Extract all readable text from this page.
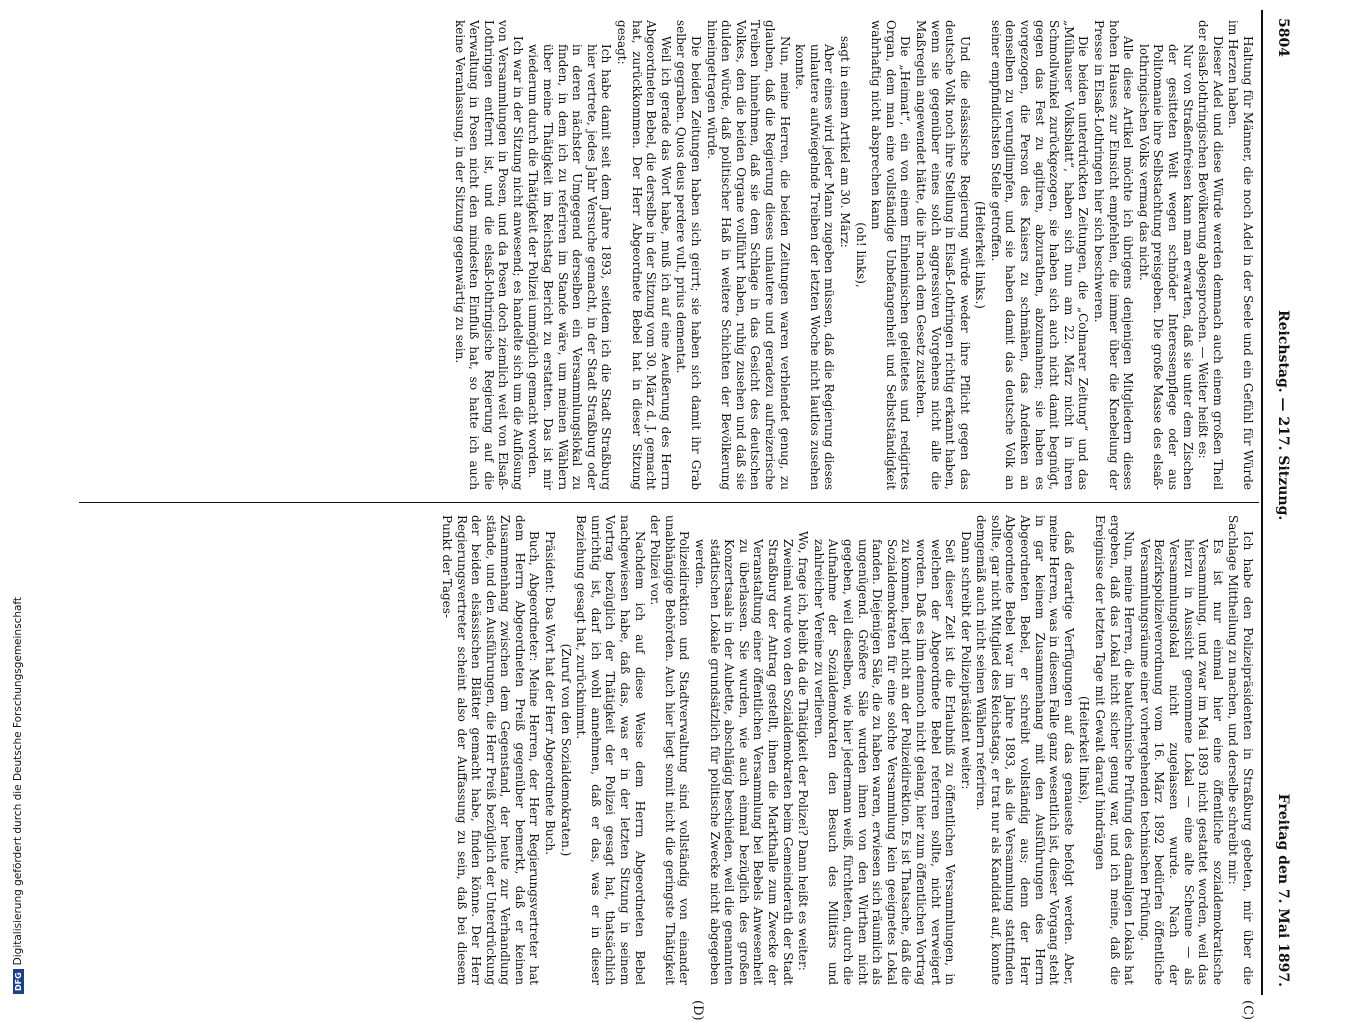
5804
Reichstag. — 217. Sitzung.
Freitag den 7. Mai 1897.
(C)
(D)

Haltung für Männer, die noch Adel in der Seele und ein Gefühl für Würde im Herzen haben.

Dieser Adel und diese Würde werden demnach auch einem großen Theil der elsaß-lothringischen Bevölkerung abgesprochen. — Weiter heißt es:

Nur von Straßenfreisen kann man erwarten, daß sie unter dem Zischen der gesitteten Welt wegen schnöder Interessenpflege oder aus Politomanie ihre Selbstachtung preisgeben. Die große Masse des elsaß-lothringischen Volks vermag das nicht.

Alle diese Artikel möchte ich übrigens denjenigen Mitgliedern dieses hohen Hauses zur Einsicht empfehlen, die immer über die Knebelung der Presse in Elsaß-Lothringen hier sich beschweren.

Die beiden unterdrückten Zeitungen, die „Colmarer Zeitung“ und das „Mülhauser Volksblatt“, haben sich nun am 22. März nicht in ihren Schmollwinkel zurückgezogen, sie haben sich auch nicht damit begnügt, gegen das Fest zu agitiren, abzurathen, abzumahnen; sie haben es vorgezogen, die Person des Kaisers zu schmähen, das Andenken an denselben zu verunglimpfen, und sie haben damit das deutsche Volk an seiner empfindlichsten Stelle getroffen.

(Heiterkeit links.)

Und die elsässische Regierung würde weder ihre Pflicht gegen das deutsche Volk noch ihre Stellung in Elsaß-Lothringen richtig erkannt haben, wenn sie gegenüber eines solch aggressiven Vorgehens nicht alle die Maßregeln angewendet hätte, die ihr nach dem Gesetz zustehen.

Die „Heimat“, ein von einem Einheimischen geleitetes und redigirtes Organ, dem man eine vollständige Unbefangenheit und Selbstständigkeit wahrhaftig nicht absprechen kann

(oh! links),

sagt in einem Artikel am 30. März:

Aber eines wird jeder Mann zugeben müssen, daß die Regierung dieses unlautere aufwiegelnde Treiben der letzten Woche nicht lautlos zusehen konnte.

Nun, meine Herren, die beiden Zeitungen waren verblendet genug, zu glauben, daß die Regierung dieses unlautere und geradezu aufreizerische Treiben hinnehmen, daß sie dem Schlage in das Gesicht des deutschen Volkes, den die beiden Organe vollführt haben, ruhig zusehen und daß sie dulden würde, daß politischer Haß in weitere Schichten der Bevölkerung hineingetragen würde.

Die beiden Zeitungen haben sich geirrt; sie haben sich damit ihr Grab selber gegraben. Quos deus perdere vult, prius dementat.

Weil ich gerade das Wort habe, muß ich auf eine Aeußerung des Herrn Abgeordneten Bebel, die derselbe in der Sitzung vom 30. März d. J. gemacht hat, zurückkommen. Der Herr Abgeordnete Bebel hat in dieser Sitzung gesagt:

Ich habe damit seit dem Jahre 1893, seitdem ich die Stadt Straßburg hier vertrete, jedes Jahr Versuche gemacht, in der Stadt Straßburg oder in deren nächster Umgegend derselben ein Versammlungslokal zu finden, in dem ich zu referiren im Stande wäre, um meinen Wählern über meine Thätigkeit im Reichstag Bericht zu erstatten. Das ist mir wiederum durch die Thätigkeit der Polizei unmöglich gemacht worden.

Ich war in der Sitzung nicht anwesend; es handelte sich um die Auflösung von Versammlungen in Posen, und da Posen doch ziemlich weit von Elsaß-Lothringen entfernt ist, und die elsaß-lothringische Regierung auf die Verwaltung in Posen nicht den mindesten Einfluß hat, so hatte ich auch keine Veranlassung, in der Sitzung gegenwärtig zu sein.

Ich habe den Polizeipräsidenten in Straßburg gebeten, mir über die Sachlage Mittheilung zu machen, und derselbe schreibt mir:

Es ist nur einmal hier eine öffentliche sozialdemokratische Versammlung, und zwar im Mai 1893 nicht gestattet worden, weil das hierzu in Aussicht genommene Lokal — eine alte Scheune — als Versammlungslokal nicht zugelassen wurde. Nach der Bezirkspolizeiverordnung vom 16. März 1892 bedürfen öffentliche Versammlungsräume einer vorhergehenden technischen Prüfung.

Nun, meine Herren, die bautechnische Prüfung des damaligen Lokals hat ergeben, daß das Lokal nicht sicher genug war, und ich meine, daß die Ereignisse der letzten Tage mit Gewalt darauf hindrängen

(Heiterkeit links),

daß derartige Verfügungen auf das genaueste befolgt werden. Aber, meine Herren, was in diesem Falle ganz wesentlich ist, dieser Vorgang steht in gar keinem Zusammenhang mit den Ausführungen des Herrn Abgeordneten Bebel, er schreibt vollständig aus; denn der Herr Abgeordnete Bebel war im Jahre 1893, als die Versammlung stattfinden sollte, gar nicht Mitglied des Reichstags, er trat nur als Kandidat auf, konnte demgemäß auch nicht seinen Wählern referiren.

Dann schreibt der Polizeipräsident weiter:

Seit dieser Zeit ist die Erlaubniß zu öffentlichen Versammlungen, in welchen der Abgeordnete Bebel referiren sollte, nicht verweigert worden. Daß es ihm dennoch nicht gelang, hier zum öffentlichen Vortrag zu kommen, liegt nicht an der Polizeidirektion. Es ist Thatsache, daß die Sozialdemokraten für eine solche Versammlung kein geeignetes Lokal fanden. Diejenigen Säle, die zu haben waren, erwiesen sich räumlich als ungenügend. Größere Säle wurden ihnen von den Wirthen nicht gegeben, weil dieselben, wie hier jedermann weiß, fürchteten, durch die Aufnahme der Sozialdemokraten den Besuch des Militärs und zahlreicher Vereine zu verlieren.

Wo, frage ich, bleibt da die Thätigkeit der Polizei? Dann heißt es weiter:

Zweimal wurde von den Sozialdemokraten beim Gemeinderath der Stadt Straßburg der Antrag gestellt, ihnen die Markthalle zum Zwecke der Veranstaltung einer öffentlichen Versammlung bei Bebels Anwesenheit zu überlassen. Sie wurden, wie auch einmal bezüglich des großen Konzertsaals in der Aubette, abschlägig beschieden, weil die genannten städtischen Lokale grundsätzlich für politische Zwecke nicht abgegeben werden.

Polizeidirektion und Stadtverwaltung sind vollständig von einander unabhängige Behörden. Auch hier liegt somit nicht die geringste Thätigkeit der Polizei vor.

Nachdem ich auf diese Weise dem Herrn Abgeordneten Bebel nachgewiesen habe, daß das, was er in der letzten Sitzung in seinem Vortrag bezüglich der Thätigkeit der Polizei gesagt hat, thatsächlich unrichtig ist, darf ich wohl annehmen, daß er das, was er in dieser Beziehung gesagt hat, zurücknimmt.

(Zuruf von den Sozialdemokraten.)

Präsident: Das Wort hat der Herr Abgeordnete Buch.

Buch, Abgeordneter: Meine Herren, der Herr Regierungsvertreter hat dem Herrn Abgeordneten Preiß gegenüber bemerkt, daß er keinen Zusammenhang zwischen dem Gegenstand, der heute zur Verhandlung stände, und den Ausführungen, die Herr Preiß bezüglich der Unterdrückung der beiden elsässischen Blätter gemacht habe, finden könne. Der Herr Regierungsvertreter scheint also der Auffassung zu sein, daß bei diesem Punkt der Tages-

DFG
Digitalisierung gefördert durch die Deutsche Forschungsgemeinschaft
